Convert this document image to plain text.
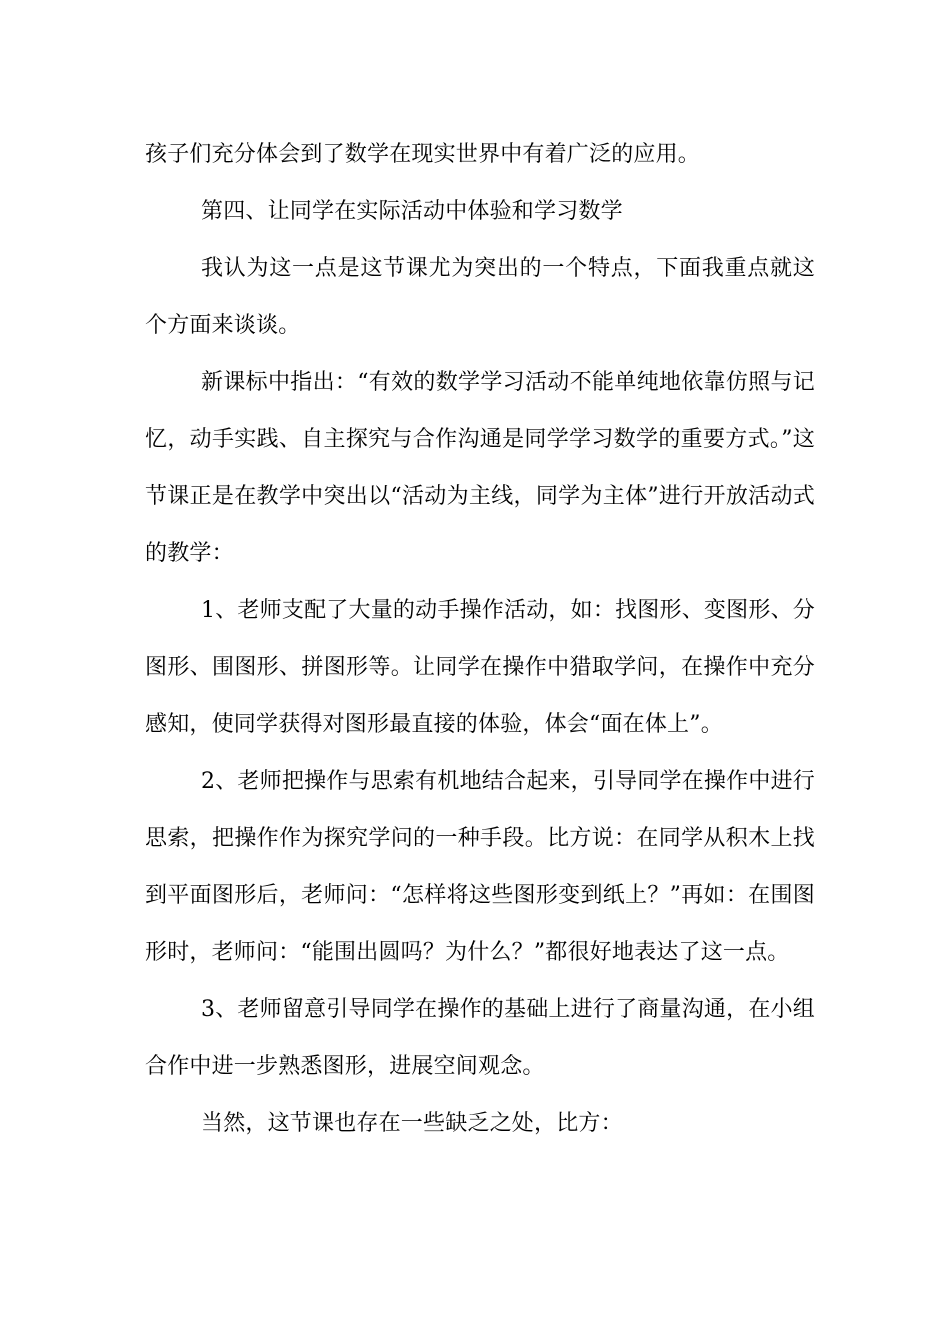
孩子们充分体会到了数学在现实世界中有着广泛的应用。

第四、让同学在实际活动中体验和学习数学

我认为这一点是这节课尤为突出的一个特点，下面我重点就这个方面来谈谈。

新课标中指出：“有效的数学学习活动不能单纯地依靠仿照与记忆，动手实践、自主探究与合作沟通是同学学习数学的重要方式。”这节课正是在教学中突出以“活动为主线，同学为主体”进行开放活动式的教学：

1、老师支配了大量的动手操作活动，如：找图形、变图形、分图形、围图形、拼图形等。让同学在操作中猎取学问，在操作中充分感知，使同学获得对图形最直接的体验，体会“面在体上”。

2、老师把操作与思索有机地结合起来，引导同学在操作中进行思索，把操作作为探究学问的一种手段。比方说：在同学从积木上找到平面图形后，老师问：“怎样将这些图形变到纸上？”再如：在围图形时，老师问：“能围出圆吗？为什么？”都很好地表达了这一点。

3、老师留意引导同学在操作的基础上进行了商量沟通，在小组合作中进一步熟悉图形，进展空间观念。

当然，这节课也存在一些缺乏之处，比方：
